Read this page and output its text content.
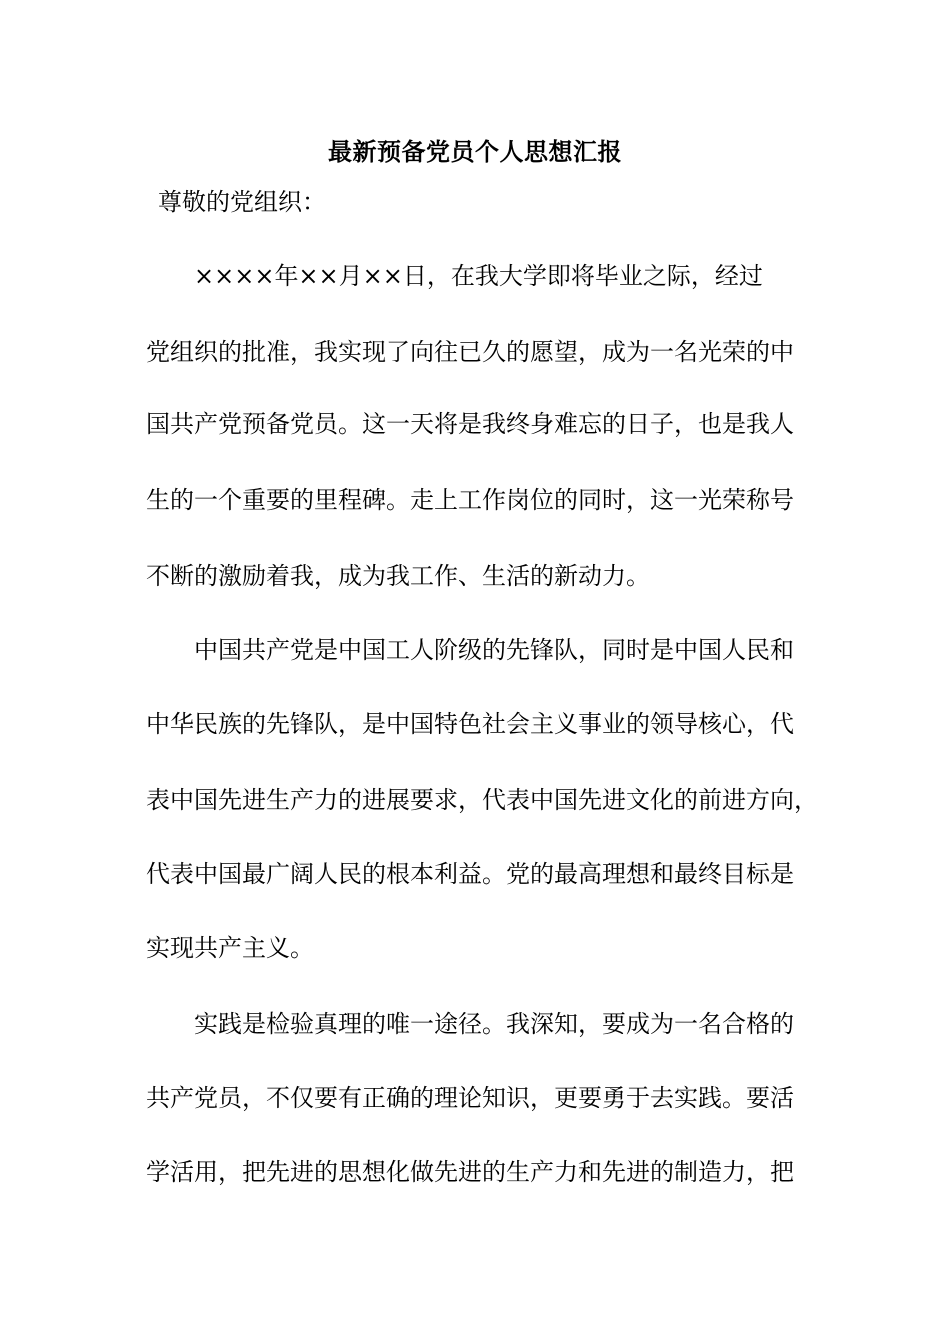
最新预备党员个人思想汇报
尊敬的党组织：
××××年××月××日，在我大学即将毕业之际，经过
党组织的批准，我实现了向往已久的愿望，成为一名光荣的中
国共产党预备党员。这一天将是我终身难忘的日子，也是我人
生的一个重要的里程碑。走上工作岗位的同时，这一光荣称号
不断的激励着我，成为我工作、生活的新动力。
中国共产党是中国工人阶级的先锋队，同时是中国人民和
中华民族的先锋队，是中国特色社会主义事业的领导核心，代
表中国先进生产力的进展要求，代表中国先进文化的前进方向，
代表中国最广阔人民的根本利益。党的最高理想和最终目标是
实现共产主义。
实践是检验真理的唯一途径。我深知，要成为一名合格的
共产党员，不仅要有正确的理论知识，更要勇于去实践。要活
学活用，把先进的思想化做先进的生产力和先进的制造力，把
